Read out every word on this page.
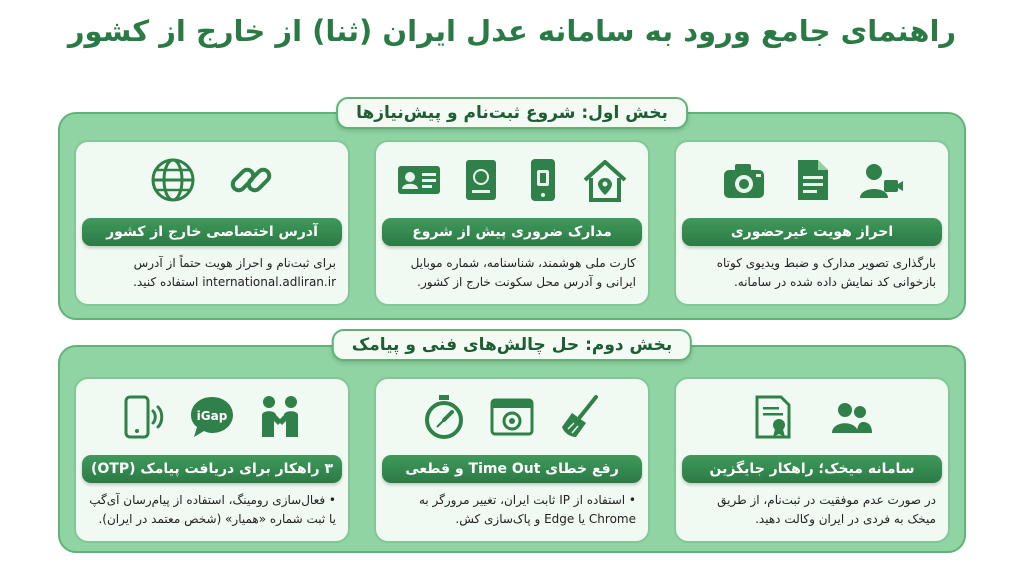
راهنمای جامع ورود به سامانه عدل ایران (ثنا) از خارج از کشور
احراز هویت غیرحضوری
بارگذاری تصویر مدارک و ضبط ویدیوی کوتاه بازخوانی کد نمایش داده شده در سامانه.
مدارک ضروری پیش از شروع
کارت ملی هوشمند، شناسنامه، شماره موبایل ایرانی و آدرس محل سکونت خارج از کشور.
آدرس اختصاصی خارج از کشور
برای ثبت‌نام و احراز هویت حتماً از آدرس international.adliran.ir استفاده کنید.
بخش اول: شروع ثبت‌نام و پیش‌نیازها
سامانه میخک؛ راهکار جایگزین
در صورت عدم موفقیت در ثبت‌نام، از طریق میخک به فردی در ایران وکالت دهید.
رفع خطای Time Out و قطعی
• استفاده از IP ثابت ایران، تغییر مرورگر به Chrome یا Edge و پاک‌سازی کش.
iGap
۳ راهکار برای دریافت پیامک (OTP)
• فعال‌سازی رومینگ، استفاده از پیام‌رسان آی‌گپ یا ثبت شماره «همیار» (شخص معتمد در ایران).
بخش دوم: حل چالش‌های فنی و پیامک
